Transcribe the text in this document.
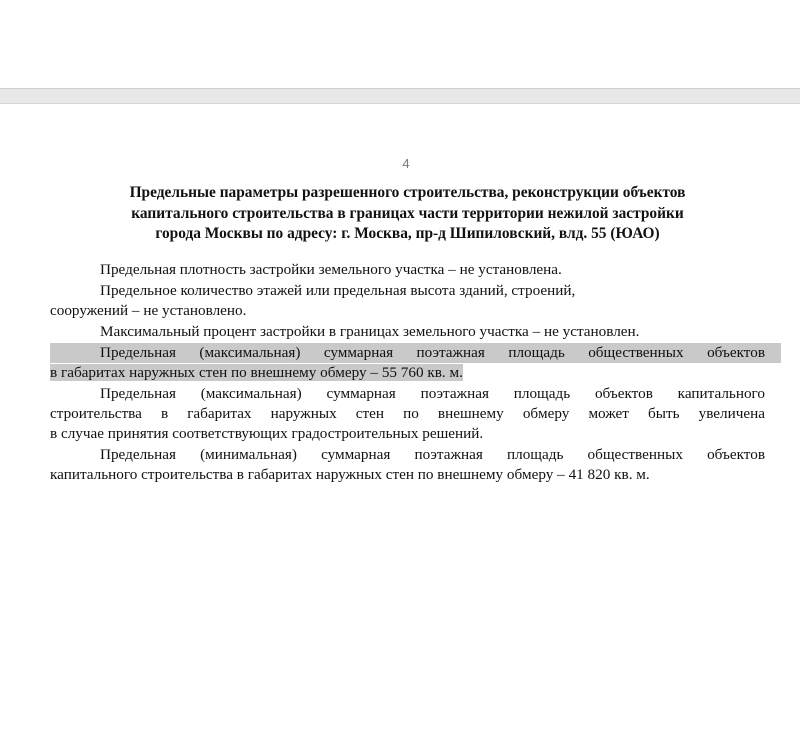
4
Предельные параметры разрешенного строительства, реконструкции объектов
капитального строительства в границах части территории нежилой застройки
города Москвы по адресу: г. Москва, пр-д Шипиловский, влд. 55 (ЮАО)

Предельная плотность застройки земельного участка – не установлена.

Предельное количество этажей или предельная высота зданий, строений,
сооружений – не установлено.

Максимальный процент застройки в границах земельного участка – не установлен.

Предельная (максимальная) суммарная поэтажная площадь общественных объектов
в габаритах наружных стен по внешнему обмеру – 55 760 кв. м.

Предельная (максимальная) суммарная поэтажная площадь объектов капитального
строительства в габаритах наружных стен по внешнему обмеру может быть увеличена
в случае принятия соответствующих градостроительных решений.

Предельная (минимальная) суммарная поэтажная площадь общественных объектов
капитального строительства в габаритах наружных стен по внешнему обмеру – 41 820 кв. м.
